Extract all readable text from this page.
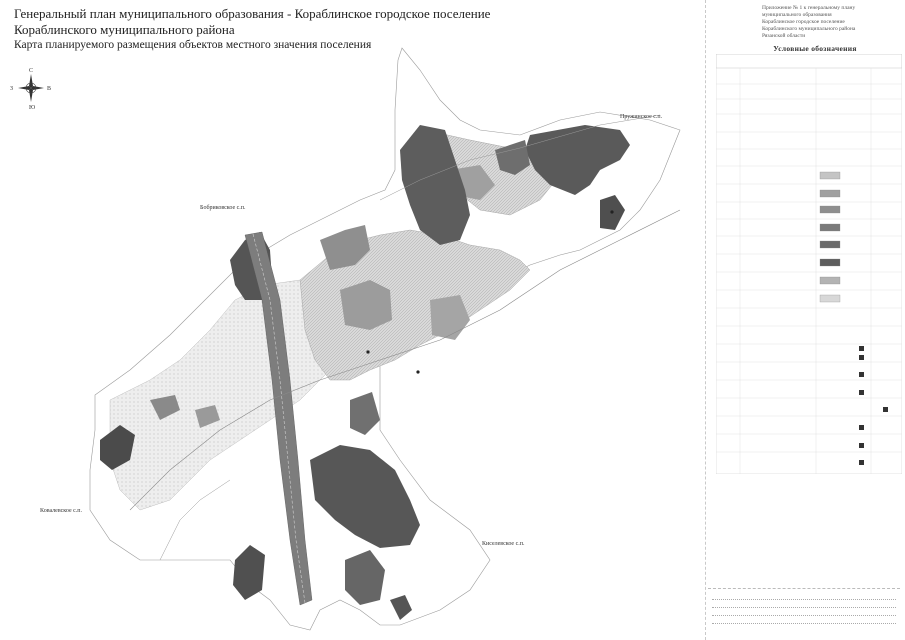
Генеральный план муниципального образования - Кораблинское городское поселение
Кораблинского муниципального района
Карта планируемого размещения объектов местного значения поселения
С
Ю
З	В
Бобриковское с.п.
Пружинское с.п.
Ковалевское с.п.
Киселевское с.п.
Приложение № 1 к генеральному плану
муниципального образования
Кораблинское городское поселение
Кораблинского муниципального района
Рязанской области
Условные обозначения
